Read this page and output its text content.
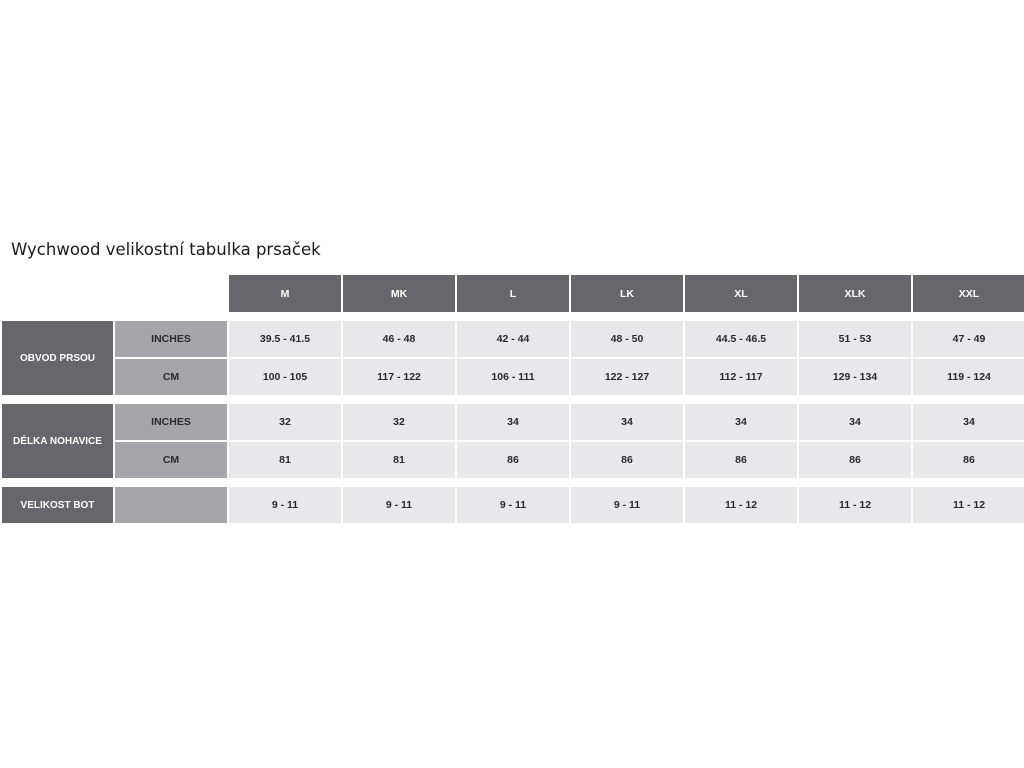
Wychwood velikostní tabulka prsaček
M	MK	L	LK	XL	XLK	XXL
OBVOD PRSOU
INCHES	39.5 - 41.5	46 - 48	42 - 44	48 - 50	44.5 - 46.5	51 - 53	47 - 49
CM	100 - 105	117 - 122	106 - 111	122 - 127	112 - 117	129 - 134	119 - 124
DÉLKA NOHAVICE
INCHES	32	32	34	34	34	34	34
CM	81	81	86	86	86	86	86
VELIKOST BOT	9 - 11	9 - 11	9 - 11	9 - 11	11 - 12	11 - 12	11 - 12
